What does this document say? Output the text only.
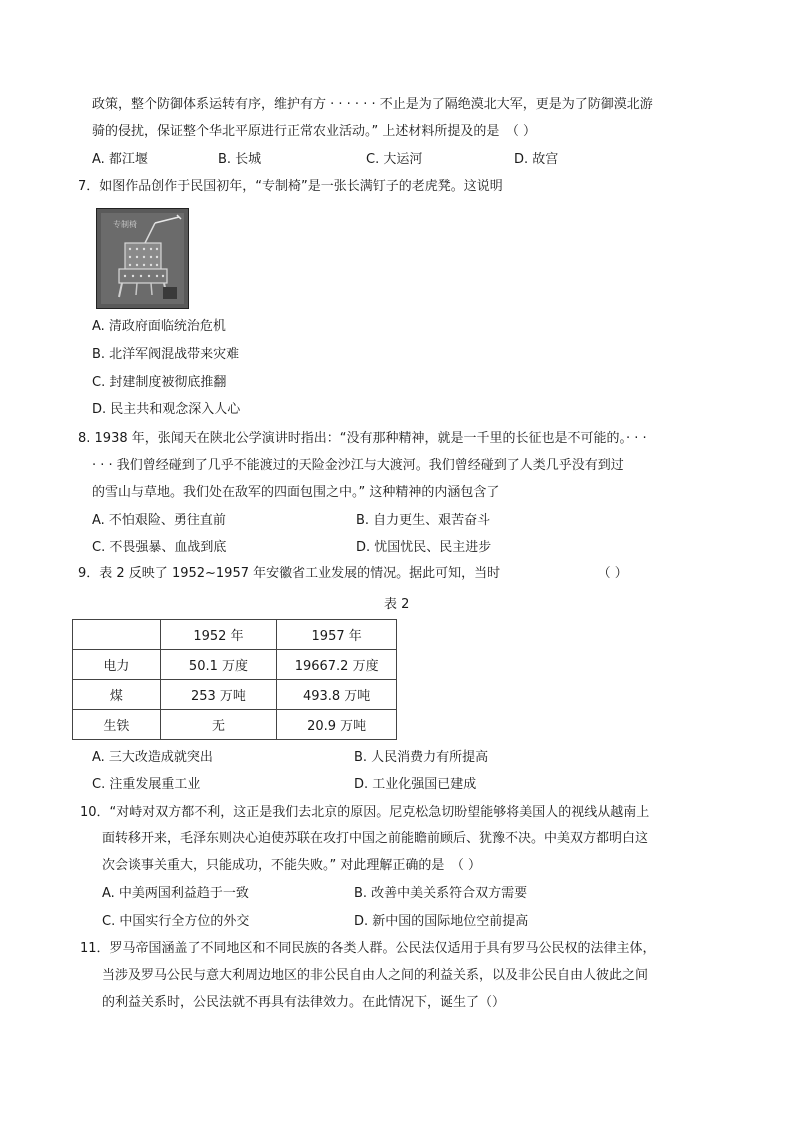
政策，整个防御体系运转有序，维护有方 · · · · · · 不止是为了隔绝漠北大军，更是为了防御漠北游
骑的侵扰，保证整个华北平原进行正常农业活动。” 上述材料所提及的是　（ ）
7．如图作品创作于民国初年，“专制椅”是一张长满钉子的老虎凳。这说明
8. 1938 年，张闻天在陕北公学演讲时指出：“没有那种精神，就是一千里的长征也是不可能的。· · ·
· · · 我们曾经碰到了几乎不能渡过的天险金沙江与大渡河。我们曾经碰到了人类几乎没有到过
的雪山与草地。我们处在敌军的四面包围之中。” 这种精神的内涵包含了
9．表 2 反映了 1952~1957 年安徽省工业发展的情况。据此可知，当时　　　　　　　　（ ）
10．“对峙对双方都不利，这正是我们去北京的原因。尼克松急切盼望能够将美国人的视线从越南上
面转移开来，毛泽东则决心迫使苏联在攻打中国之前能瞻前顾后、犹豫不决。中美双方都明白这
次会谈事关重大，只能成功，不能失败。” 对此理解正确的是　（ ）
11．罗马帝国涵盖了不同地区和不同民族的各类人群。公民法仅适用于具有罗马公民权的法律主体，
当涉及罗马公民与意大利周边地区的非公民自由人之间的利益关系，以及非公民自由人彼此之间
的利益关系时，公民法就不再具有法律效力。在此情况下，诞生了（）
A. 都江堰	B. 长城	C. 大运河	D. 故宫
A. 清政府面临统治危机
B. 北洋军阀混战带来灾难
C. 封建制度被彻底推翻
D. 民主共和观念深入人心
A. 不怕艰险、勇往直前	B. 自力更生、艰苦奋斗
C. 不畏强暴、血战到底	D. 忧国忧民、民主进步
A. 三大改造成就突出	B. 人民消费力有所提高
C. 注重发展重工业	D. 工业化强国已建成
A. 中美两国利益趋于一致	B. 改善中美关系符合双方需要
C. 中国实行全方位的外交	D. 新中国的国际地位空前提高
专制椅
表 2
	1952 年	1957 年
电力	50.1 万度	19667.2 万度
煤	253 万吨	493.8 万吨
生铁	无	20.9 万吨
